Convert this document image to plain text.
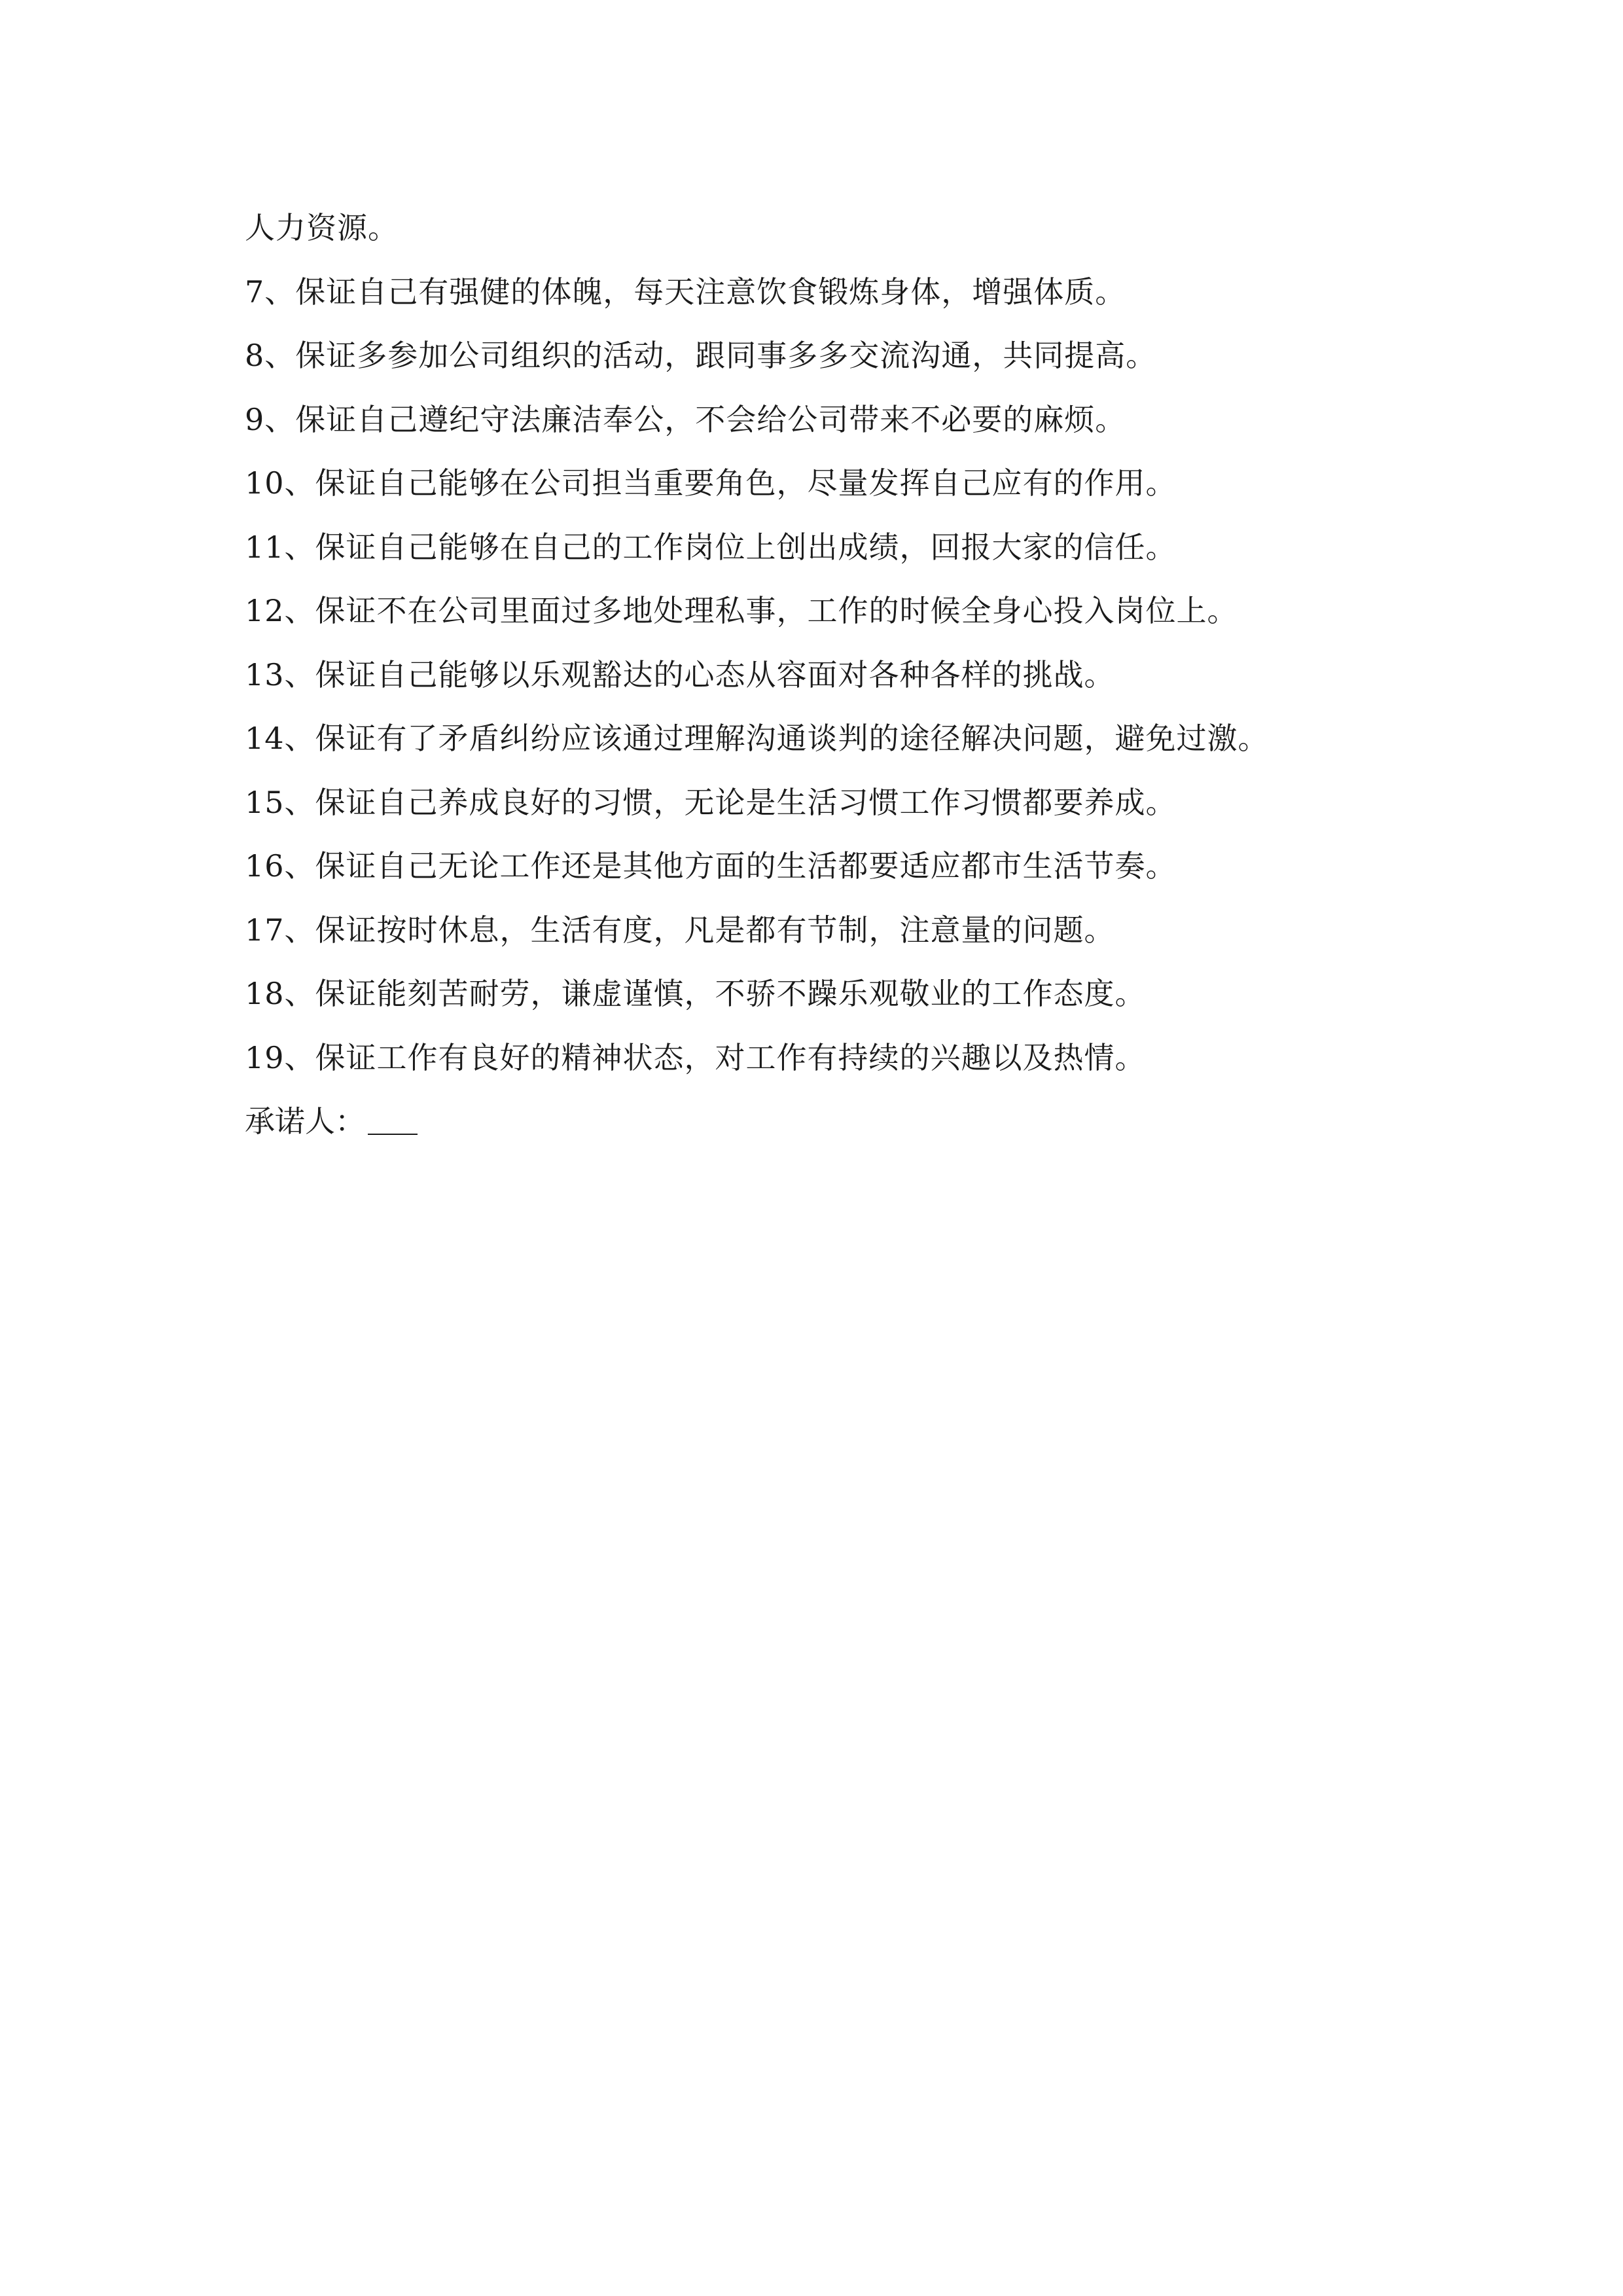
人力资源。
7、保证自己有强健的体魄，每天注意饮食锻炼身体，增强体质。
8、保证多参加公司组织的活动，跟同事多多交流沟通，共同提高。
9、保证自己遵纪守法廉洁奉公，不会给公司带来不必要的麻烦。
10、保证自己能够在公司担当重要角色，尽量发挥自己应有的作用。
11、保证自己能够在自己的工作岗位上创出成绩，回报大家的信任。
12、保证不在公司里面过多地处理私事，工作的时候全身心投入岗位上。
13、保证自己能够以乐观豁达的心态从容面对各种各样的挑战。
14、保证有了矛盾纠纷应该通过理解沟通谈判的途径解决问题，避免过激。
15、保证自己养成良好的习惯，无论是生活习惯工作习惯都要养成。
16、保证自己无论工作还是其他方面的生活都要适应都市生活节奏。
17、保证按时休息，生活有度，凡是都有节制，注意量的问题。
18、保证能刻苦耐劳，谦虚谨慎，不骄不躁乐观敬业的工作态度。
19、保证工作有良好的精神状态，对工作有持续的兴趣以及热情。
承诺人：
